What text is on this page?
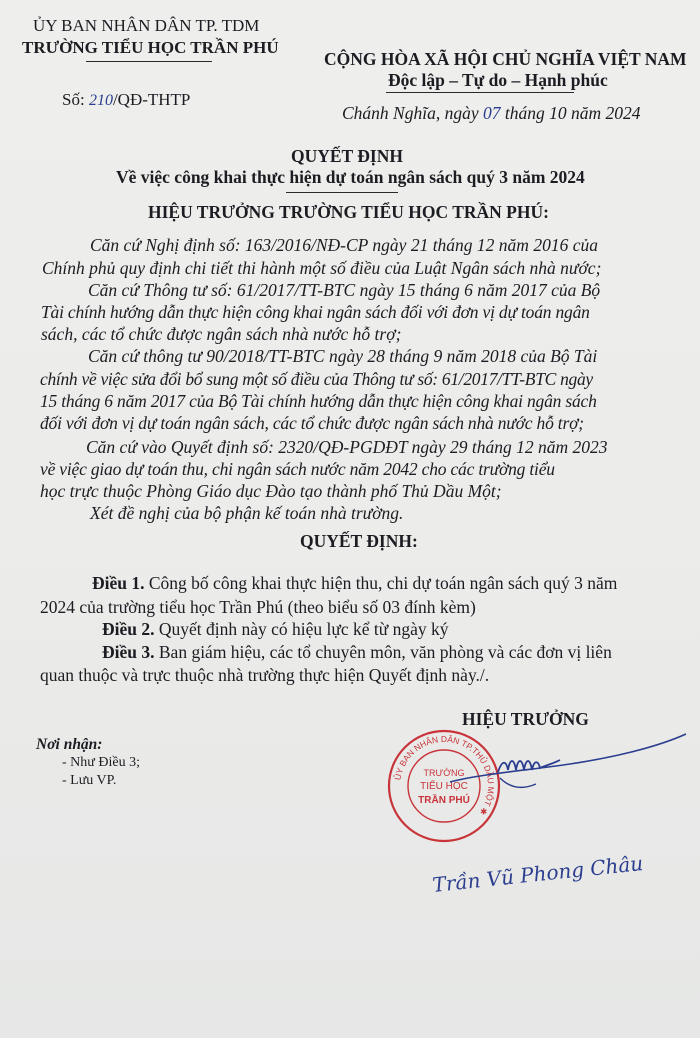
ỦY BAN NHÂN DÂN TP. TDM
TRƯỜNG TIỂU HỌC TRẦN PHÚ
Số: 210/QĐ-THTP
CỘNG HÒA XÃ HỘI CHỦ NGHĨA VIỆT NAM
Độc lập – Tự do – Hạnh phúc
Chánh Nghĩa, ngày 07 tháng 10 năm 2024
QUYẾT ĐỊNH
Về việc công khai thực hiện dự toán ngân sách quý 3 năm 2024
HIỆU TRƯỞNG TRƯỜNG TIỂU HỌC TRẦN PHÚ:
Căn cứ Nghị định số: 163/2016/NĐ-CP ngày 21 tháng 12 năm 2016 của
Chính phủ quy định chi tiết thi hành một số điều của Luật Ngân sách nhà nước;
Căn cứ Thông tư số: 61/2017/TT-BTC ngày 15 tháng 6 năm 2017 của Bộ
Tài chính hướng dẫn thực hiện công khai ngân sách đối với đơn vị dự toán ngân
sách, các tổ chức được ngân sách nhà nước hỗ trợ;
Căn cứ thông tư 90/2018/TT-BTC ngày 28 tháng 9 năm 2018 của Bộ Tài
chính về việc sửa đổi bổ sung một số điều của Thông tư số: 61/2017/TT-BTC ngày
15 tháng 6 năm 2017 của Bộ Tài chính hướng dẫn thực hiện công khai ngân sách
đối với đơn vị dự toán ngân sách, các tổ chức được ngân sách nhà nước hỗ trợ;
Căn cứ vào Quyết định số: 2320/QĐ-PGDĐT ngày 29 tháng 12 năm 2023
về việc giao dự toán thu, chi ngân sách nước năm 2042 cho các trường tiểu
học trực thuộc Phòng Giáo dục Đào tạo thành phố Thủ Dầu Một;
Xét đề nghị của bộ phận kế toán nhà trường.
QUYẾT ĐỊNH:
Điều 1. Công bố công khai thực hiện thu, chi dự toán ngân sách quý 3 năm
2024 của trường tiểu học Trần Phú (theo biểu số 03 đính kèm)
Điều 2. Quyết định này có hiệu lực kể từ ngày ký
Điều 3. Ban giám hiệu, các tổ chuyên môn, văn phòng và các đơn vị liên
quan thuộc và trực thuộc nhà trường thực hiện Quyết định này./.
Nơi nhận:
- Như Điều 3;
- Lưu VP.
HIỆU TRƯỞNG
ỦY BAN NHÂN DÂN TP.THỦ DẦU MỘT ✱
TRƯỜNG
TIỂU HỌC
TRẦN PHÚ
Trần Vũ Phong Châu
